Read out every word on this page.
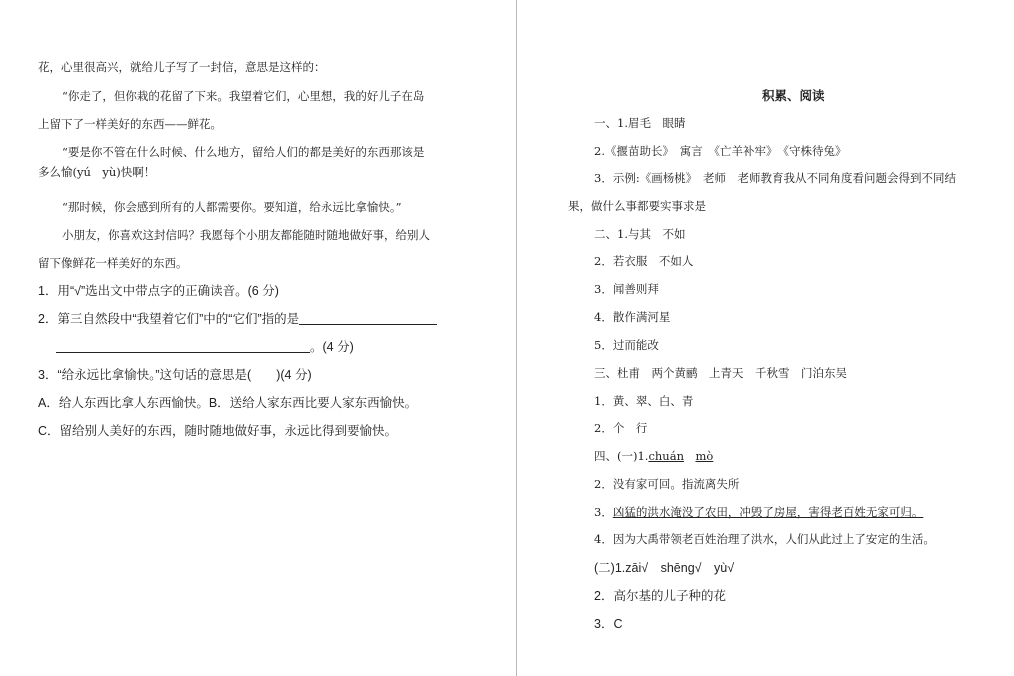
花，心里很高兴，就给儿子写了一封信，意思是这样的：
“你走了，但你栽的花留了下来。我望着它们，心里想，我的好儿子在岛
上留下了一样美好的东西——鲜花。
“要是你不管在什么时候、什么地方，留给人们的都是美好的东西那该是
多么愉(yú　yù)快啊！
“那时候，你会感到所有的人都需要你。要知道，给永远比拿愉快。”
小朋友，你喜欢这封信吗？我愿每个小朋友都能随时随地做好事，给别人
留下像鲜花一样美好的东西。
1．用“√”选出文中带点字的正确读音。(6 分)
2．第三自然段中“我望着它们”中的“它们”指的是
。(4 分)
3．“给永远比拿愉快。”这句话的意思是(　　)(4 分)
A．给人东西比拿人东西愉快。B．送给人家东西比要人家东西愉快。
C．留给别人美好的东西，随时随地做好事，永远比得到要愉快。
积累、阅读
一、1.眉毛　眼睛
2.《揠苗助长》　寓言　《亡羊补牢》　《守株待兔》
3．示例:《画杨桃》　老师　老师教育我从不同角度看问题会得到不同结
果，做什么事都要实事求是
二、1.与其　不如
2．若衣服　不如人
3．闻善则拜
4．散作满河星
5．过而能改
三、杜甫　两个黄鹂　上青天　千秋雪　门泊东吴
1．黄、翠、白、青
2．个　行
四、(一)1.chuán　 mò
2．没有家可回。指流离失所
3．凶猛的洪水淹没了农田，冲毁了房屋，害得老百姓无家可归。
4．因为大禹带领老百姓治理了洪水，人们从此过上了安定的生活。
(二)1.zāi√　shēng√　yù√
2．高尔基的儿子种的花
3．C
